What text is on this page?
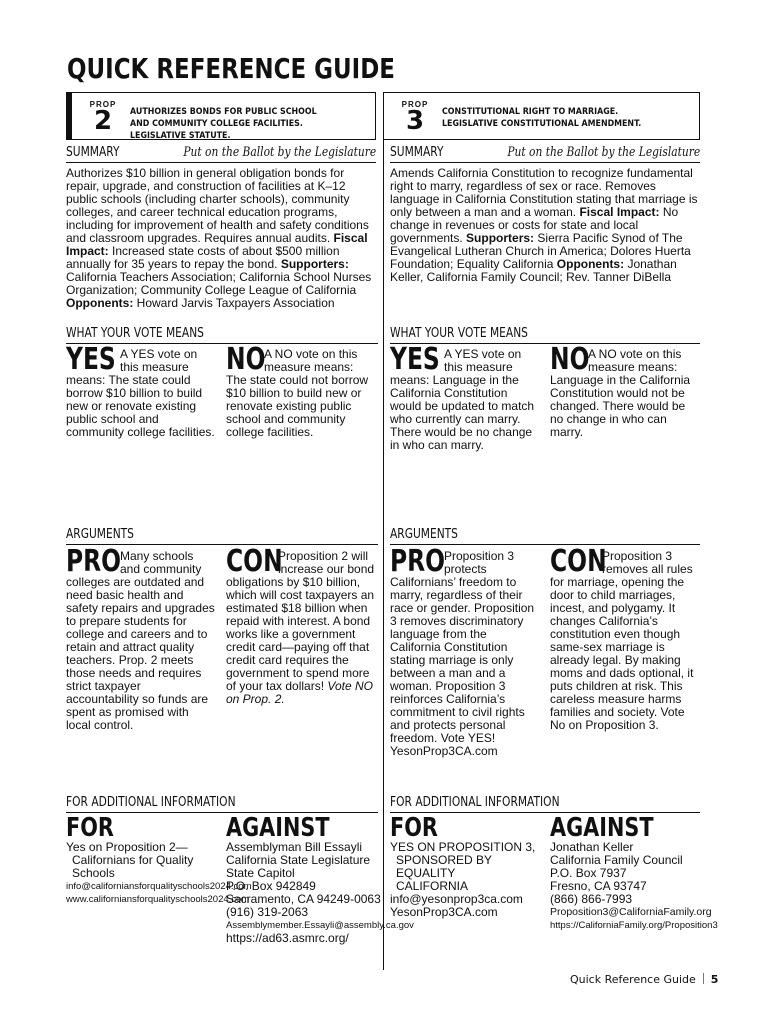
QUICK REFERENCE GUIDE
PROP
2	AUTHORIZES BONDS FOR PUBLIC SCHOOL AND COMMUNITY COLLEGE FACILITIES. LEGISLATIVE STATUTE.
SUMMARY	Put on the Ballot by the Legislature
Authorizes $10 billion in general obligation bonds for repair, upgrade, and construction of facilities at K–12 public schools (including charter schools), community colleges, and career technical education programs, including for improvement of health and safety conditions and classroom upgrades. Requires annual audits. Fiscal Impact: Increased state costs of about $500 million annually for 35 years to repay the bond. Supporters: California Teachers Association; California School Nurses Organization; Community College League of California Opponents: Howard Jarvis Taxpayers Association
WHAT YOUR VOTE MEANS
YES A YES vote on this measure means: The state could borrow $10 billion to build new or renovate existing public school and community college facilities.
NO
A NO vote on this measure means: The state could not borrow $10 billion to build new or renovate existing public school and community college facilities.
ARGUMENTS
PRO
Many schools and community colleges are outdated and need basic health and safety repairs and upgrades to prepare students for college and careers and to retain and attract quality teachers. Prop. 2 meets those needs and requires strict taxpayer accountability so funds are spent as promised with local control.
CON
Proposition 2 will increase our bond obligations by $10 billion, which will cost taxpayers an estimated $18 billion when repaid with interest. A bond works like a government credit card—paying off that credit card requires the government to spend more of your tax dollars! Vote NO on Prop. 2.
FOR ADDITIONAL INFORMATION
FOR
Yes on Proposition 2—
Californians for Quality
Schools
info@californiansforqualityschools2024.com
www.californiansforqualityschools2024.com
AGAINST
Assemblyman Bill Essayli
California State Legislature
State Capitol
P.O. Box 942849
Sacramento, CA 94249-0063
(916) 319-2063
Assemblymember.Essayli@assembly.ca.gov
https://ad63.asmrc.org/
PROP
3	CONSTITUTIONAL RIGHT TO MARRIAGE. LEGISLATIVE CONSTITUTIONAL AMENDMENT.
SUMMARY	Put on the Ballot by the Legislature
Amends California Constitution to recognize fundamental right to marry, regardless of sex or race. Removes language in California Constitution stating that marriage is only between a man and a woman. Fiscal Impact: No change in revenues or costs for state and local governments. Supporters: Sierra Pacific Synod of The Evangelical Lutheran Church in America; Dolores Huerta Foundation; Equality California Opponents: Jonathan Keller, California Family Council; Rev. Tanner DiBella
WHAT YOUR VOTE MEANS
YES A YES vote on this measure means: Language in the California Constitution would be updated to match who currently can marry. There would be no change in who can marry.
NO
A NO vote on this measure means: Language in the California Constitution would not be changed. There would be no change in who can marry.
ARGUMENTS
PRO
Proposition 3 protects Californians’ freedom to marry, regardless of their race or gender. Proposition 3 removes discriminatory language from the California Constitution stating marriage is only between a man and a woman. Proposition 3 reinforces California’s commitment to civil rights and protects personal freedom. Vote YES! YesonProp3CA.com
CON
Proposition 3 removes all rules for marriage, opening the door to child marriages, incest, and polygamy. It changes California’s constitution even though same-sex marriage is already legal. By making moms and dads optional, it puts children at risk. This careless measure harms families and society. Vote No on Proposition 3.
FOR ADDITIONAL INFORMATION
FOR
YES ON PROPOSITION 3,
SPONSORED BY EQUALITY
CALIFORNIA
info@yesonprop3ca.com
YesonProp3CA.com
AGAINST
Jonathan Keller
California Family Council
P.O. Box 7937
Fresno, CA 93747
(866) 866-7993
Proposition3@CaliforniaFamily.org
https://CaliforniaFamily.org/Proposition3
Quick Reference Guide 5
